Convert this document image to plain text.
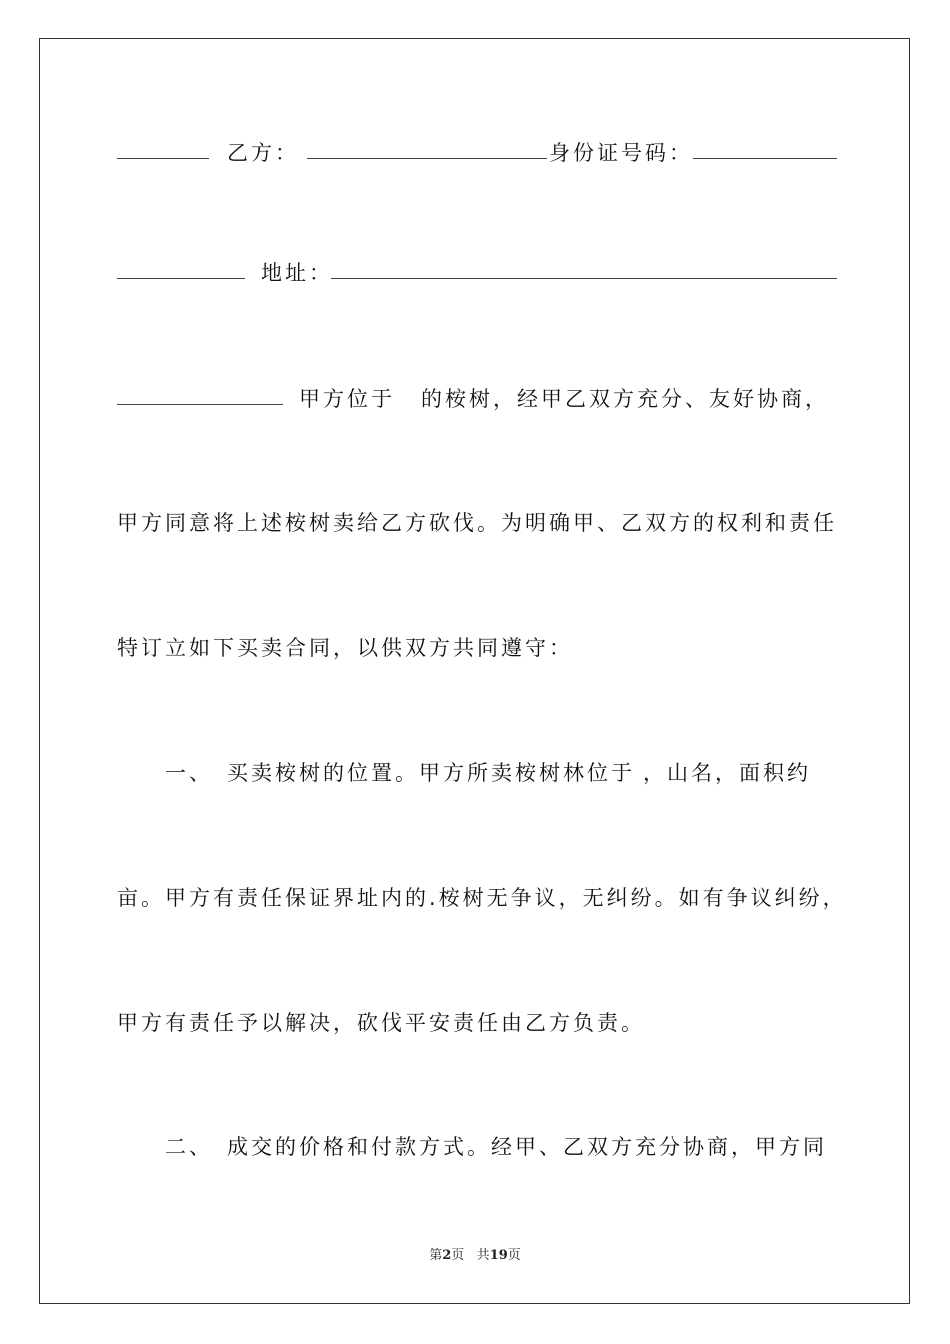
乙方：	身份证号码：
地址：
甲方位于 的桉树，经甲乙双方充分、友好协商，
甲方同意将上述桉树卖给乙方砍伐。为明确甲、乙双方的权利和责任
特订立如下买卖合同，以供双方共同遵守：
一、 买卖桉树的位置。甲方所卖桉树林位于 ，山名，面积约
亩。甲方有责任保证界址内的.桉树无争议，无纠纷。如有争议纠纷，
甲方有责任予以解决，砍伐平安责任由乙方负责。
二、 成交的价格和付款方式。经甲、乙双方充分协商，甲方同
第2页 共19页
